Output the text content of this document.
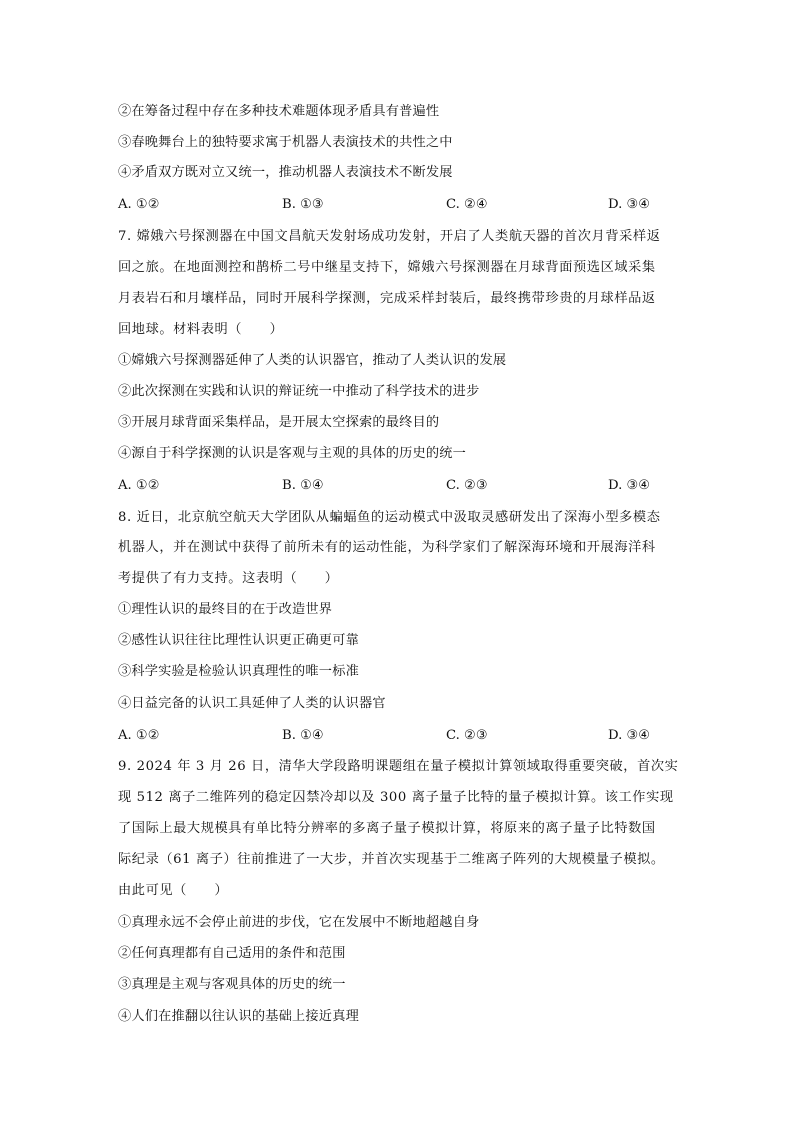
②在筹备过程中存在多种技术难题体现矛盾具有普遍性
③春晚舞台上的独特要求寓于机器人表演技术的共性之中
④矛盾双方既对立又统一，推动机器人表演技术不断发展
A. ①②	B. ①③	C. ②④	D. ③④
7. 嫦娥六号探测器在中国文昌航天发射场成功发射，开启了人类航天器的首次月背采样返
回之旅。在地面测控和鹊桥二号中继星支持下，嫦娥六号探测器在月球背面预选区域采集
月表岩石和月壤样品，同时开展科学探测，完成采样封装后，最终携带珍贵的月球样品返
回地球。材料表明（　　）
①嫦娥六号探测器延伸了人类的认识器官，推动了人类认识的发展
②此次探测在实践和认识的辩证统一中推动了科学技术的进步
③开展月球背面采集样品，是开展太空探索的最终目的
④源自于科学探测的认识是客观与主观的具体的历史的统一
A. ①②	B. ①④	C. ②③	D. ③④
8. 近日，北京航空航天大学团队从蝙蝠鱼的运动模式中汲取灵感研发出了深海小型多模态
机器人，并在测试中获得了前所未有的运动性能，为科学家们了解深海环境和开展海洋科
考提供了有力支持。这表明（　　）
①理性认识的最终目的在于改造世界
②感性认识往往比理性认识更正确更可靠
③科学实验是检验认识真理性的唯一标准
④日益完备的认识工具延伸了人类的认识器官
A. ①②	B. ①④	C. ②③	D. ③④
9. 2024 年 3 月 26 日，清华大学段路明课题组在量子模拟计算领域取得重要突破，首次实
现 512 离子二维阵列的稳定囚禁冷却以及 300 离子量子比特的量子模拟计算。该工作实现
了国际上最大规模具有单比特分辨率的多离子量子模拟计算，将原来的离子量子比特数国
际纪录（61 离子）往前推进了一大步，并首次实现基于二维离子阵列的大规模量子模拟。
由此可见（　　）
①真理永远不会停止前进的步伐，它在发展中不断地超越自身
②任何真理都有自己适用的条件和范围
③真理是主观与客观具体的历史的统一
④人们在推翻以往认识的基础上接近真理
